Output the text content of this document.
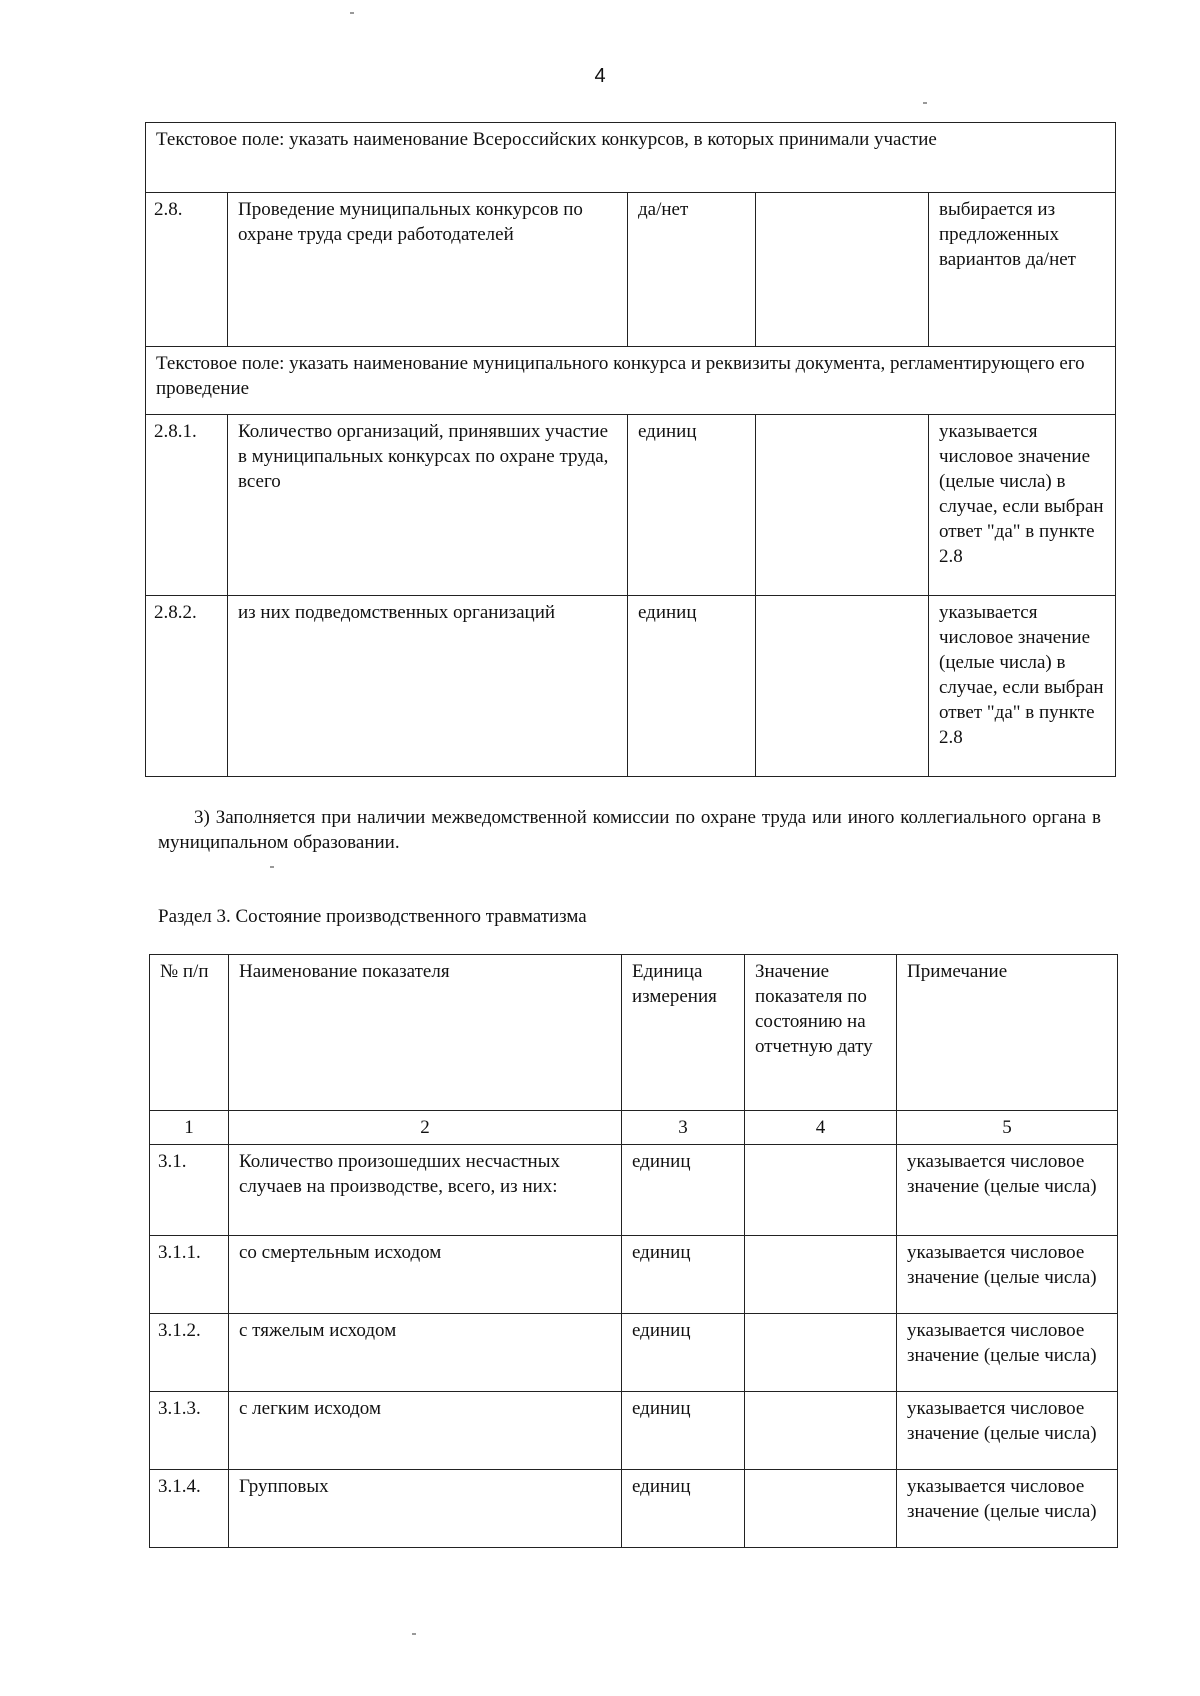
4
Текстовое поле: указать наименование Всероссийских конкурсов, в которых принимали участие				
2.8.	Проведение муниципальных конкурсов по охране труда среди работодателей	да/нет		выбирается из предложенных вариантов да/нет
Текстовое поле: указать наименование муниципального конкурса и реквизиты документа, регламентирующего его проведение				
2.8.1.	Количество организаций, принявших участие в муниципальных конкурсах по охране труда, всего	единиц		указывается числовое значение (целые числа) в случае, если выбран ответ "да" в пункте 2.8
2.8.2.	из них подведомственных организаций	единиц		указывается числовое значение (целые числа) в случае, если выбран ответ "да" в пункте 2.8
3) Заполняется при наличии межведомственной комиссии по охране труда или иного коллегиального органа в муниципальном образовании.
Раздел 3. Состояние производственного травматизма
№ п/п	Наименование показателя	Единица измерения	Значение показателя по состоянию на отчетную дату	Примечание
1	2	3	4	5
3.1.	Количество произошедших несчастных случаев на производстве, всего, из них:	единиц		указывается числовое значение (целые числа)
3.1.1.	со смертельным исходом	единиц		указывается числовое значение (целые числа)
3.1.2.	с тяжелым исходом	единиц		указывается числовое значение (целые числа)
3.1.3.	с легким исходом	единиц		указывается числовое значение (целые числа)
3.1.4.	Групповых	единиц		указывается числовое значение (целые числа)
